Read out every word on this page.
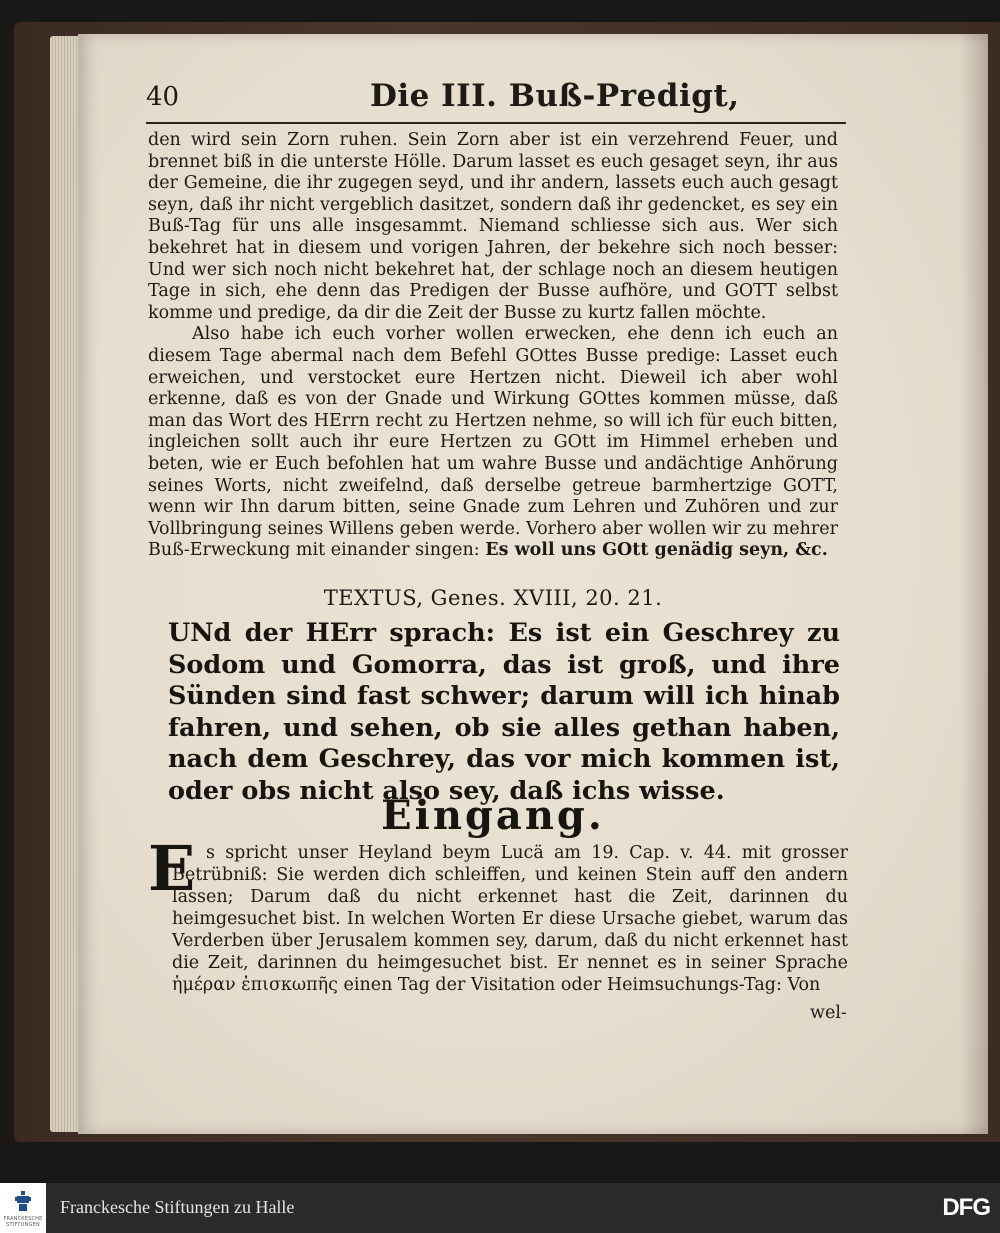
40	Die III. Buß-Predigt,

den wird sein Zorn ruhen. Sein Zorn aber ist ein verzehrend Feuer, und brennet biß in die unterste Hölle. Darum lasset es euch gesaget seyn, ihr aus der Gemeine, die ihr zugegen seyd, und ihr andern, lassets euch auch gesagt seyn, daß ihr nicht vergeblich dasitzet, sondern daß ihr gedencket, es sey ein Buß-Tag für uns alle insgesammt. Niemand schliesse sich aus. Wer sich bekehret hat in diesem und vorigen Jahren, der bekehre sich noch besser: Und wer sich noch nicht bekehret hat, der schlage noch an diesem heutigen Tage in sich, ehe denn das Predigen der Busse aufhöre, und GOTT selbst komme und predige, da dir die Zeit der Busse zu kurtz fallen möchte.

Also habe ich euch vorher wollen erwecken, ehe denn ich euch an diesem Tage abermal nach dem Befehl GOttes Busse predige: Lasset euch erweichen, und verstocket eure Hertzen nicht. Dieweil ich aber wohl erkenne, daß es von der Gnade und Wirkung GOttes kommen müsse, daß man das Wort des HErrn recht zu Hertzen nehme, so will ich für euch bitten, ingleichen sollt auch ihr eure Hertzen zu GOtt im Himmel erheben und beten, wie er Euch befohlen hat um wahre Busse und andächtige Anhörung seines Worts, nicht zweifelnd, daß derselbe getreue barmhertzige GOTT, wenn wir Ihn darum bitten, seine Gnade zum Lehren und Zuhören und zur Vollbringung seines Willens geben werde. Vorhero aber wollen wir zu mehrer Buß-Erweckung mit einander singen: Es woll uns GOtt genädig seyn, &c.

TEXTUS, Genes. XVIII, 20. 21.
UNd der HErr sprach: Es ist ein Geschrey zu Sodom und Gomorra, das ist groß, und ihre Sünden sind fast schwer; darum will ich hinab fahren, und sehen, ob sie alles gethan haben, nach dem Geschrey, das vor mich kommen ist, oder obs nicht also sey, daß ichs wisse.
Eingang.
E s spricht unser Heyland beym Lucä am 19. Cap. v. 44. mit grosser Betrübniß: Sie werden dich schleiffen, und keinen Stein auff den andern lassen; Darum daß du nicht erkennet hast die Zeit, darinnen du heimgesuchet bist. In welchen Worten Er diese Ursache giebet, warum das Verderben über Jerusalem kommen sey, darum, daß du nicht erkennet hast die Zeit, darinnen du heimgesuchet bist. Er nennet es in seiner Sprache ἡμέραν ἐπισκωπῆς einen Tag der Visitation oder Heimsuchungs-Tag: Von
wel-
FRANCKESCHE STIFTUNGEN
Franckesche Stiftungen zu Halle	DFG
